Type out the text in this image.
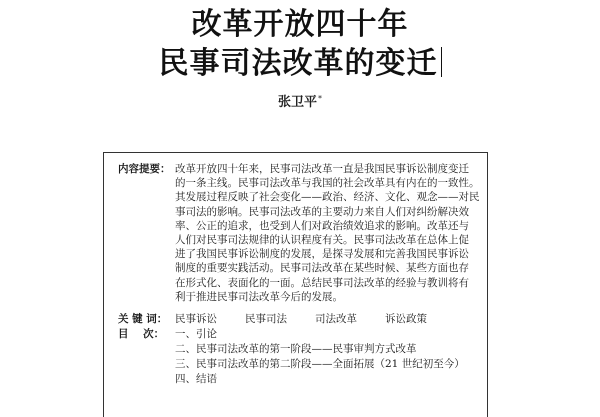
改革开放四十年
民事司法改革的变迁
张卫平*
内容提要： 改革开放四十年来，民事司法改革一直是我国民事诉讼制度变迁
的一条主线。民事司法改革与我国的社会改革具有内在的一致性。
其发展过程反映了社会变化——政治、经济、文化、观念——对民
事司法的影响。民事司法改革的主要动力来自人们对纠纷解决效
率、公正的追求，也受到人们对政治绩效追求的影响。改革还与
人们对民事司法规律的认识程度有关。民事司法改革在总体上促
进了我国民事诉讼制度的发展，是探寻发展和完善我国民事诉讼
制度的重要实践活动。民事司法改革在某些时候、某些方面也存
在形式化、表面化的一面。总结民事司法改革的经验与教训将有
利于推进民事司法改革今后的发展。
关 键 词： 民事诉讼   民事司法   司法改革   诉讼政策
目    次： 一、引论
二、民事司法改革的第一阶段——民事审判方式改革
三、民事司法改革的第二阶段——全面拓展（21 世纪初至今）
四、结语
